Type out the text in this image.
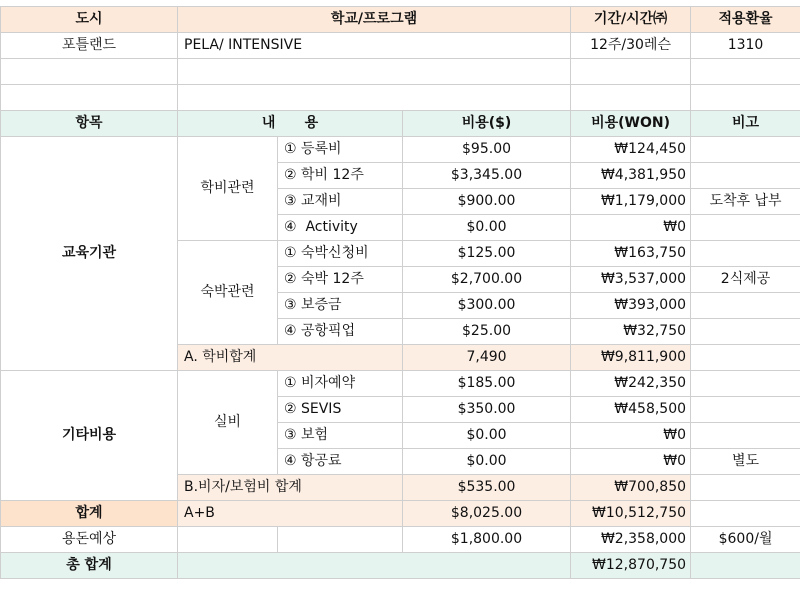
도시	학교/프로그램			기간/시간㈜	적용환율
포틀랜드	PELA/ INTENSIVE			12주/30레슨	1310

항목	내      용		비용($)	비용(WON)	비고
교육기관	학비관련	① 등록비	$95.00	₩124,450	
		② 학비 12주	$3,345.00	₩4,381,950	
		③ 교재비	$900.00	₩1,179,000	도착후 납부
		④  Activity	$0.00	₩0	
	숙박관련	① 숙박신청비	$125.00	₩163,750	
		② 숙박 12주	$2,700.00	₩3,537,000	2식제공
		③ 보증금	$300.00	₩393,000	
		④ 공항픽업	$25.00	₩32,750	
	A. 학비합계		7,490	₩9,811,900	
기타비용	실비	① 비자예약	$185.00	₩242,350	
		② SEVIS	$350.00	₩458,500	
		③ 보험	$0.00	₩0	
		④ 항공료	$0.00	₩0	별도
	B.비자/보험비 합계		$535.00	₩700,850	
합계	A+B		$8,025.00	₩10,512,750	
용돈예상			$1,800.00	₩2,358,000	$600/월
총 합계				₩12,870,750	
